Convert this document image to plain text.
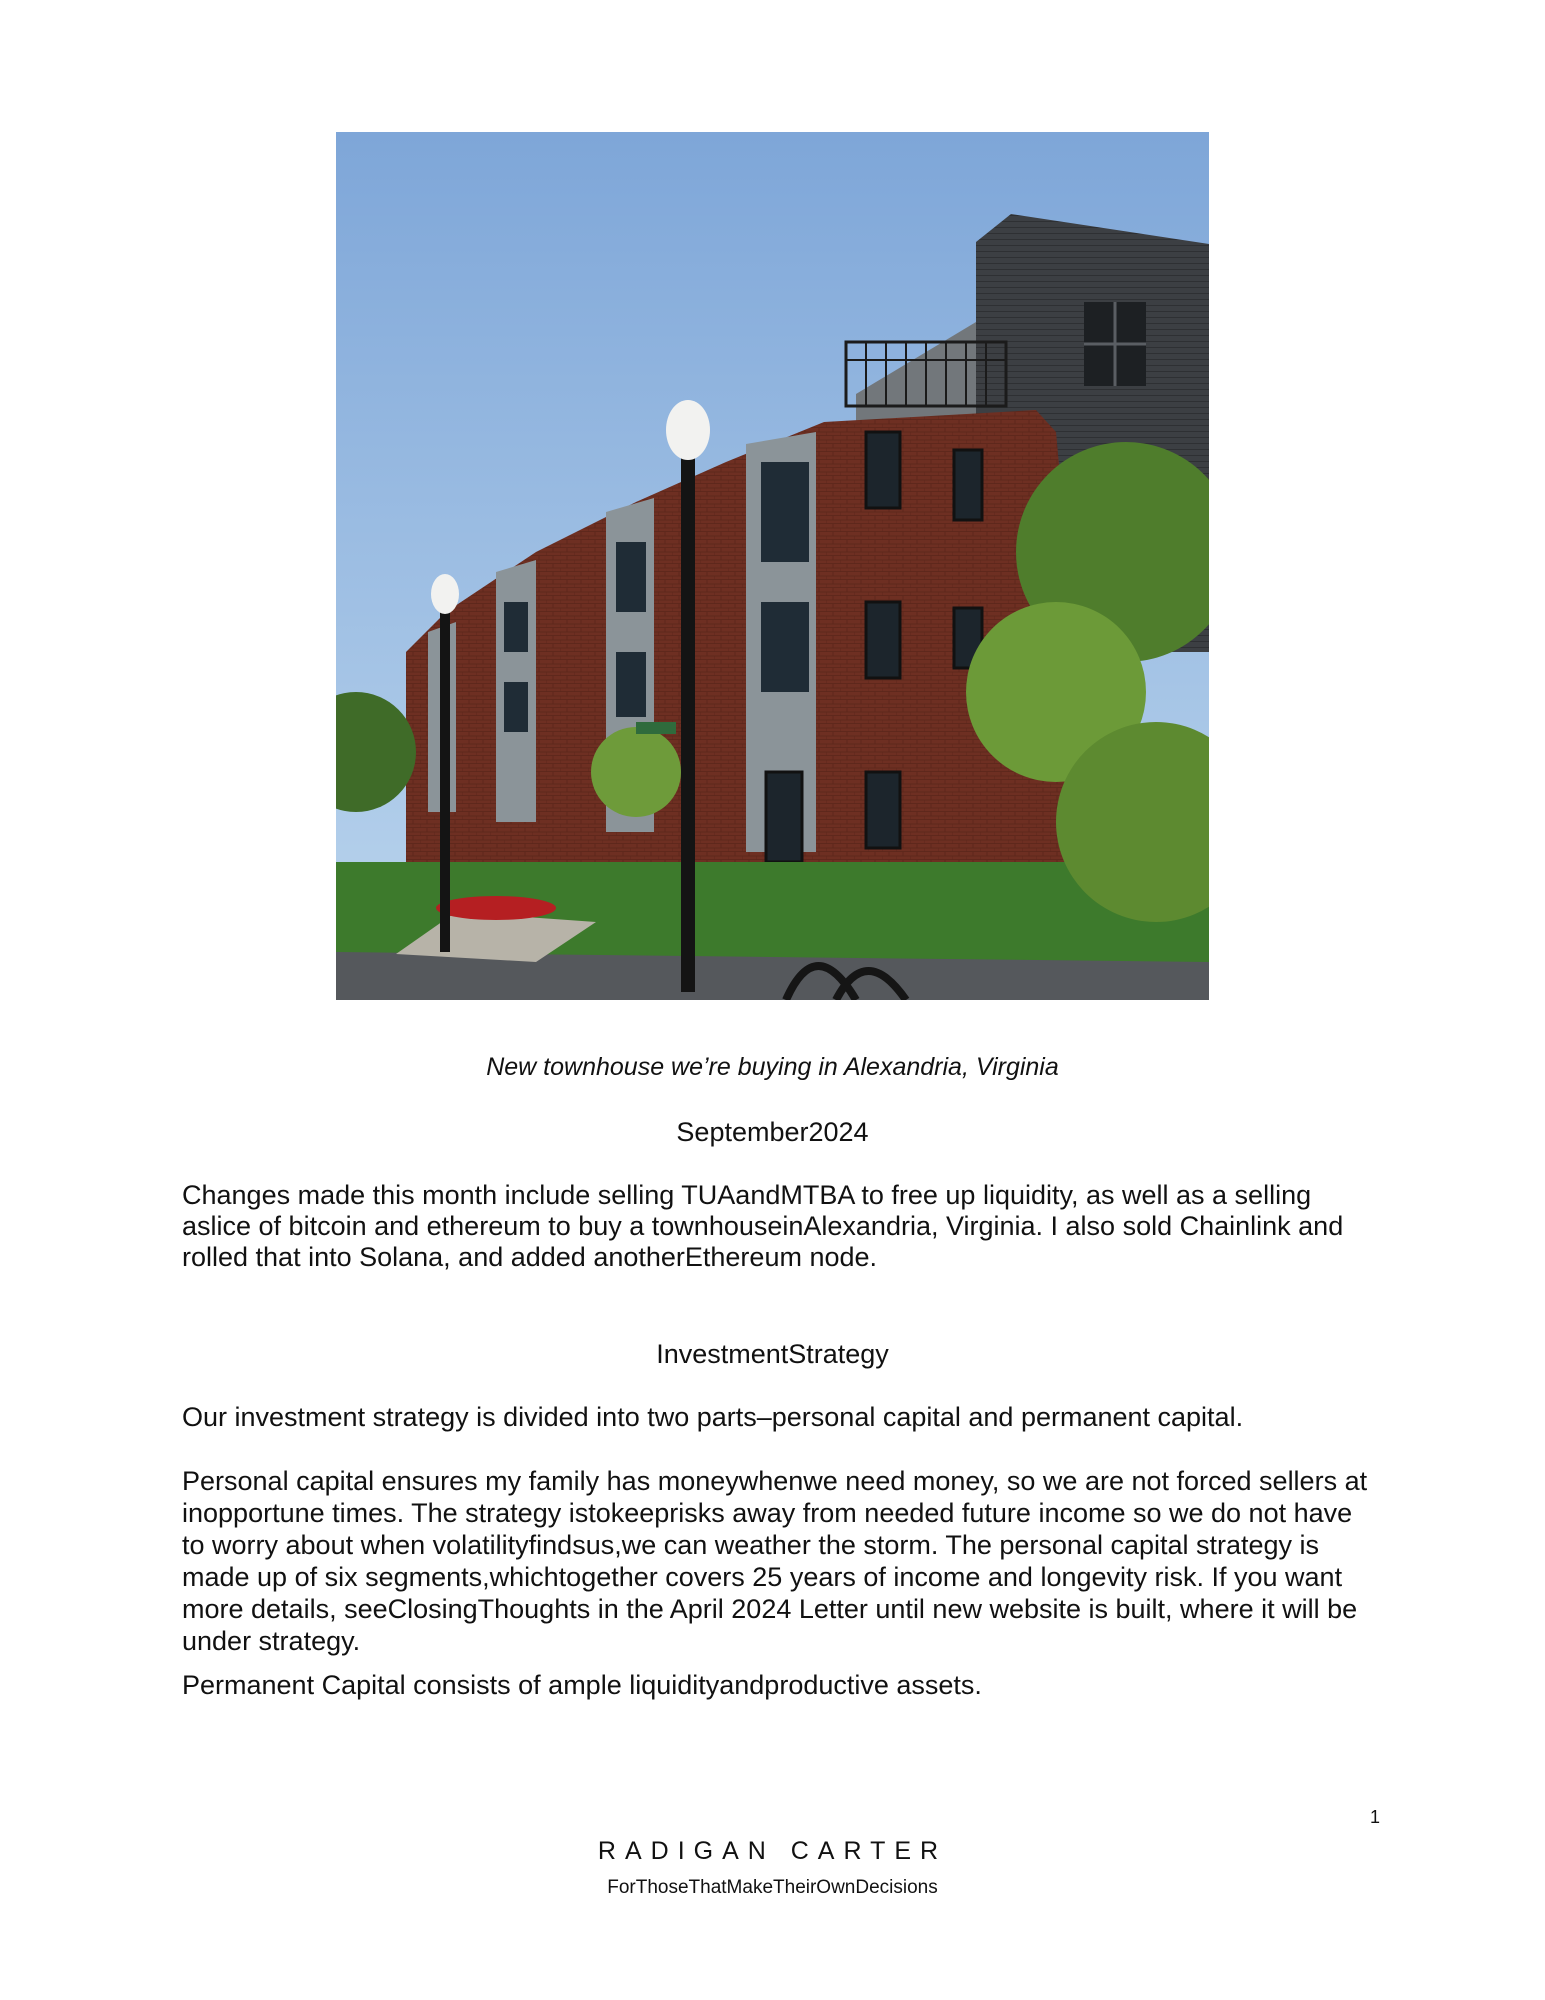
New townhouse we’re buying in Alexandria, Virginia
September2024
Changes made this month include selling TUAandMTBA to free up liquidity, as well as a selling aslice of bitcoin and ethereum to buy a townhouseinAlexandria, Virginia. I also sold Chainlink and rolled that into Solana, and added anotherEthereum node.
InvestmentStrategy
Our investment strategy is divided into two parts–personal capital and permanent capital.
Personal capital ensures my family has moneywhenwe need money, so we are not forced sellers at inopportune times. The strategy istokeeprisks away from needed future income so we do not have to worry about when volatilityfindsus,we can weather the storm. The personal capital strategy is made up of six segments,whichtogether covers 25 years of income and longevity risk. If you want more details, seeClosingThoughts in the April 2024 Letter until new website is built, where it will be under strategy.
Permanent Capital consists of ample liquidityandproductive assets.
1
RADIGAN CARTER
ForThoseThatMakeTheirOwnDecisions
